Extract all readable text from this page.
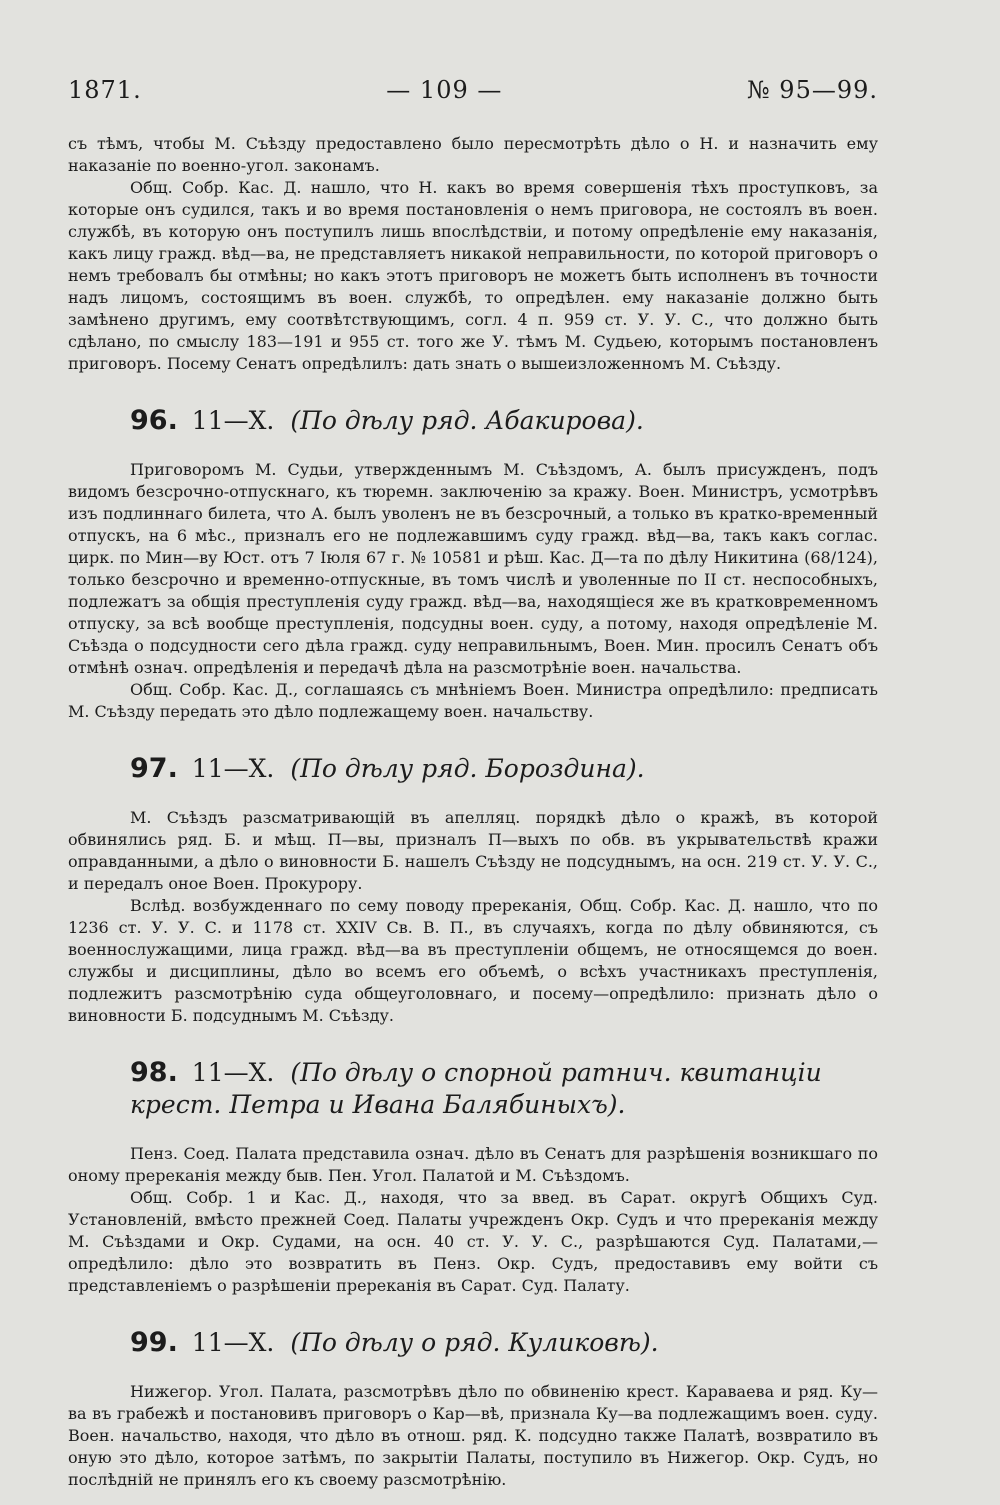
1871.	— 109 —	№ 95—99.

съ тѣмъ, чтобы М. Съѣзду предоставлено было пересмотрѣть дѣло о Н. и назначить ему наказаніе по военно-угол. законамъ.

Общ. Собр. Кас. Д. нашло, что Н. какъ во время совершенія тѣхъ проступковъ, за которые онъ судился, такъ и во время постановленія о немъ приговора, не состоялъ въ воен. службѣ, въ которую онъ поступилъ лишь впослѣдствіи, и потому опредѣленіе ему наказанія, какъ лицу гражд. вѣд—ва, не представляетъ никакой неправильности, по которой приговоръ о немъ требовалъ бы отмѣны; но какъ этотъ приговоръ не можетъ быть исполненъ въ точности надъ лицомъ, состоящимъ въ воен. службѣ, то опредѣлен. ему наказаніе должно быть замѣнено другимъ, ему соотвѣтствующимъ, согл. 4 п. 959 ст. У. У. С., что должно быть сдѣлано, по смыслу 183—191 и 955 ст. того же У. тѣмъ М. Судьею, которымъ постановленъ приговоръ. Посему Сенатъ опредѣлилъ: дать знать о вышеизложенномъ М. Съѣзду.

96. 11—X. (По дѣлу ряд. Абакирова).

Приговоромъ М. Судьи, утвержденнымъ М. Съѣздомъ, А. былъ присужденъ, подъ видомъ безсрочно-отпускнаго, къ тюремн. заключенію за кражу. Воен. Министръ, усмотрѣвъ изъ подлиннаго билета, что А. былъ уволенъ не въ безсрочный, а только въ кратко-временный отпускъ, на 6 мѣс., призналъ его не подлежавшимъ суду гражд. вѣд—ва, такъ какъ соглас. цирк. по Мин—ву Юст. отъ 7 Іюля 67 г. № 10581 и рѣш. Кас. Д—та по дѣлу Никитина (68/124), только безсрочно и временно-отпускные, въ томъ числѣ и уволенные по II ст. неспособныхъ, подлежатъ за общія преступленія суду гражд. вѣд—ва, находящіеся же въ кратковременномъ отпуску, за всѣ вообще преступленія, подсудны воен. суду, а потому, находя опредѣленіе М. Съѣзда о подсудности сего дѣла гражд. суду неправильнымъ, Воен. Мин. просилъ Сенатъ объ отмѣнѣ означ. опредѣленія и передачѣ дѣла на разсмотрѣніе воен. начальства.

Общ. Собр. Кас. Д., соглашаясь съ мнѣніемъ Воен. Министра опредѣлило: предписать М. Съѣзду передать это дѣло подлежащему воен. начальству.

97. 11—X. (По дѣлу ряд. Бороздина).

М. Съѣздъ разсматривающій въ апелляц. порядкѣ дѣло о кражѣ, въ которой обвинялись ряд. Б. и мѣщ. П—вы, призналъ П—выхъ по обв. въ укрывательствѣ кражи оправданными, а дѣло о виновности Б. нашелъ Съѣзду не подсуднымъ, на осн. 219 ст. У. У. С., и передалъ оное Воен. Прокурору.

Вслѣд. возбужденнаго по сему поводу пререканія, Общ. Собр. Кас. Д. нашло, что по 1236 ст. У. У. С. и 1178 ст. XXIV Св. В. П., въ случаяхъ, когда по дѣлу обвиняются, съ военнослужащими, лица гражд. вѣд—ва въ преступленіи общемъ, не относящемся до воен. службы и дисциплины, дѣло во всемъ его объемѣ, о всѣхъ участникахъ преступленія, подлежитъ разсмотрѣнію суда общеуголовнаго, и посему—опредѣлило: признать дѣло о виновности Б. подсуднымъ М. Съѣзду.

98. 11—X. (По дѣлу о спорной ратнич. квитанціи крест. Петра и Ивана Балябиныхъ).

Пенз. Соед. Палата представила означ. дѣло въ Сенатъ для разрѣшенія возникшаго по оному пререканія между быв. Пен. Угол. Палатой и М. Съѣздомъ.

Общ. Собр. 1 и Кас. Д., находя, что за введ. въ Сарат. округѣ Общихъ Суд. Установленій, вмѣсто прежней Соед. Палаты учрежденъ Окр. Судъ и что пререканія между М. Съѣздами и Окр. Судами, на осн. 40 ст. У. У. С., разрѣшаются Суд. Палатами,—опредѣлило: дѣло это возвратить въ Пенз. Окр. Судъ, предоставивъ ему войти съ представленіемъ о разрѣшеніи пререканія въ Сарат. Суд. Палату.

99. 11—X. (По дѣлу о ряд. Куликовѣ).

Нижегор. Угол. Палата, разсмотрѣвъ дѣло по обвиненію крест. Караваева и ряд. Ку—ва въ грабежѣ и постановивъ приговоръ о Кар—вѣ, признала Ку—ва подлежащимъ воен. суду. Воен. начальство, находя, что дѣло въ отнош. ряд. К. подсудно также Палатѣ, возвратило въ оную это дѣло, которое затѣмъ, по закрытіи Палаты, поступило въ Нижегор. Окр. Судъ, но послѣдній не принялъ его къ своему разсмотрѣнію.
